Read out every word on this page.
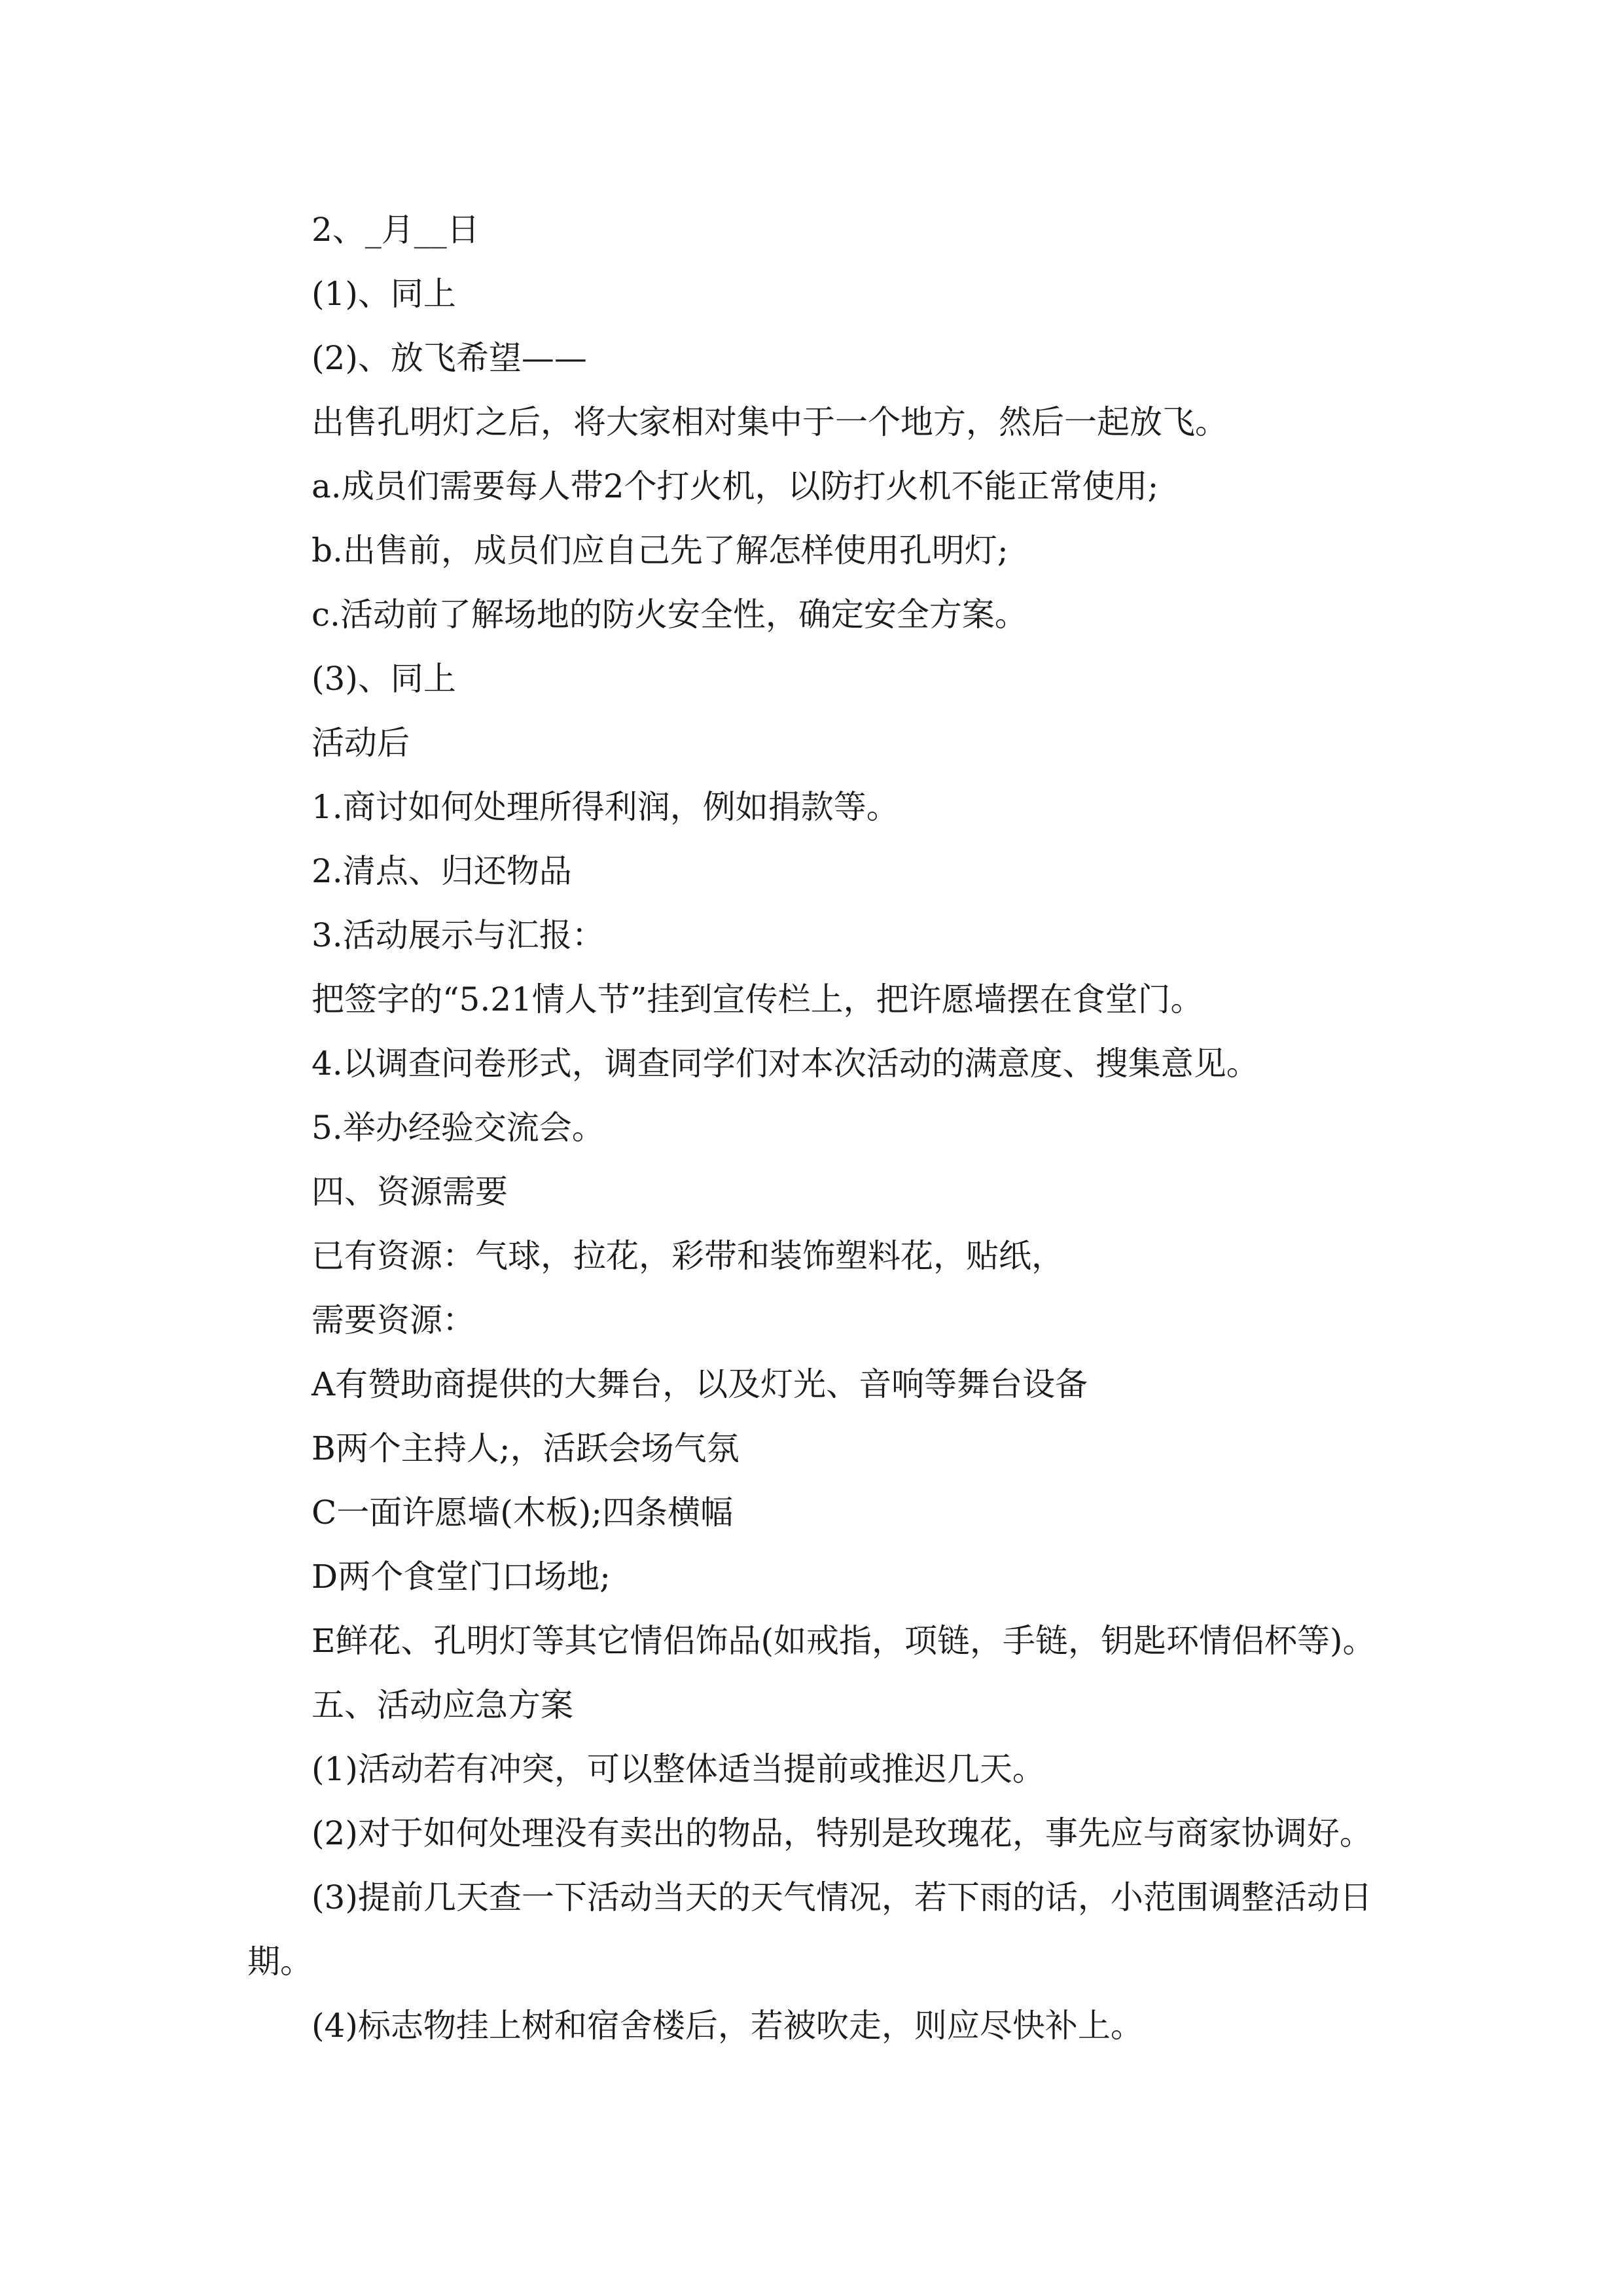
2、_月__日

(1)、同上

(2)、放飞希望——

出售孔明灯之后，将大家相对集中于一个地方，然后一起放飞。

a.成员们需要每人带2个打火机，以防打火机不能正常使用;

b.出售前，成员们应自己先了解怎样使用孔明灯;

c.活动前了解场地的防火安全性，确定安全方案。

(3)、同上

活动后

1.商讨如何处理所得利润，例如捐款等。

2.清点、归还物品

3.活动展示与汇报：

把签字的“5.21情人节”挂到宣传栏上，把许愿墙摆在食堂门。

4.以调查问卷形式，调查同学们对本次活动的满意度、搜集意见。

5.举办经验交流会。

四、资源需要

已有资源：气球，拉花，彩带和装饰塑料花，贴纸，

需要资源：

A有赞助商提供的大舞台，以及灯光、音响等舞台设备

B两个主持人;，活跃会场气氛

C一面许愿墙(木板);四条横幅

D两个食堂门口场地;

E鲜花、孔明灯等其它情侣饰品(如戒指，项链，手链，钥匙环情侣杯等)。

五、活动应急方案

(1)活动若有冲突，可以整体适当提前或推迟几天。

(2)对于如何处理没有卖出的物品，特别是玫瑰花，事先应与商家协调好。

(3)提前几天查一下活动当天的天气情况，若下雨的话，小范围调整活动日

期。

(4)标志物挂上树和宿舍楼后，若被吹走，则应尽快补上。
